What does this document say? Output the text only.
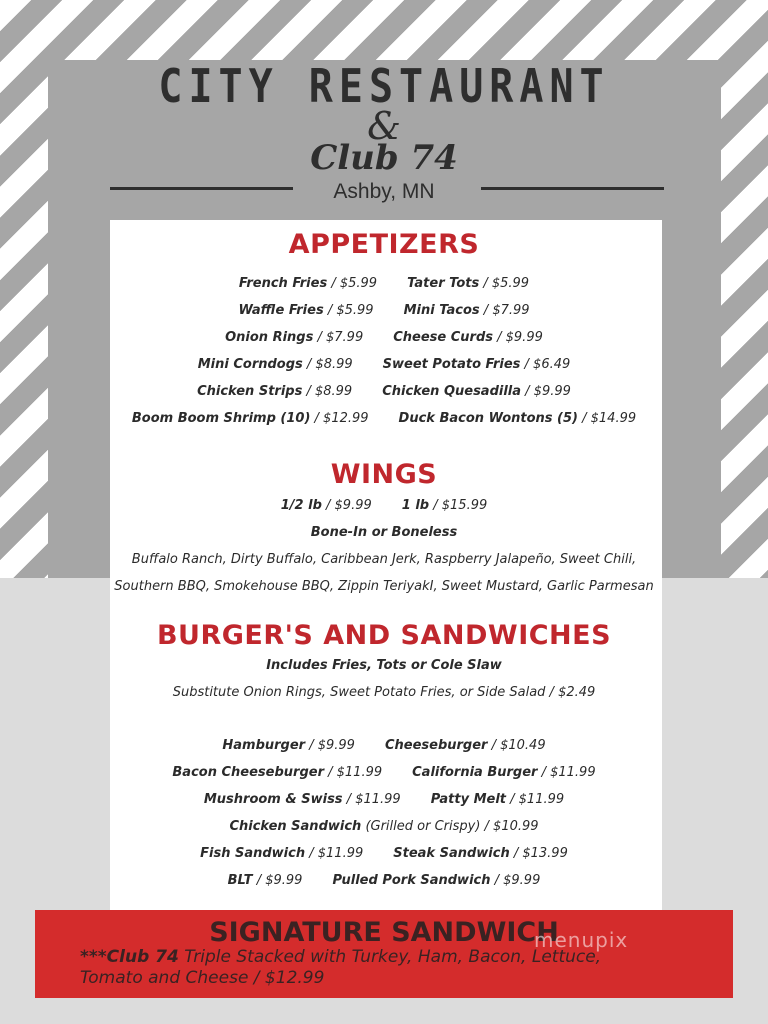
CITY RESTAURANT
&
Club 74
Ashby, MN
APPETIZERS
French Fries / $5.99 Tater Tots / $5.99
Waffle Fries / $5.99 Mini Tacos / $7.99
Onion Rings / $7.99 Cheese Curds / $9.99
Mini Corndogs / $8.99 Sweet Potato Fries / $6.49
Chicken Strips / $8.99 Chicken Quesadilla / $9.99
Boom Boom Shrimp (10) / $12.99 Duck Bacon Wontons (5) / $14.99
WINGS
1/2 lb / $9.99 1 lb / $15.99
Bone-In or Boneless
Buffalo Ranch, Dirty Buffalo, Caribbean Jerk, Raspberry Jalapeño, Sweet Chili,
Southern BBQ, Smokehouse BBQ, Zippin TeriyakI, Sweet Mustard, Garlic Parmesan
BURGER'S AND SANDWICHES
Includes Fries, Tots or Cole Slaw
Substitute Onion Rings, Sweet Potato Fries, or Side Salad / $2.49
Hamburger / $9.99 Cheeseburger / $10.49
Bacon Cheeseburger / $11.99 California Burger / $11.99
Mushroom & Swiss / $11.99 Patty Melt / $11.99
Chicken Sandwich (Grilled or Crispy) / $10.99
Fish Sandwich / $11.99 Steak Sandwich / $13.99
BLT / $9.99 Pulled Pork Sandwich / $9.99
SIGNATURE SANDWICH
menupix
***Club 74 Triple Stacked with Turkey, Ham, Bacon, Lettuce,
Tomato and Cheese / $12.99
